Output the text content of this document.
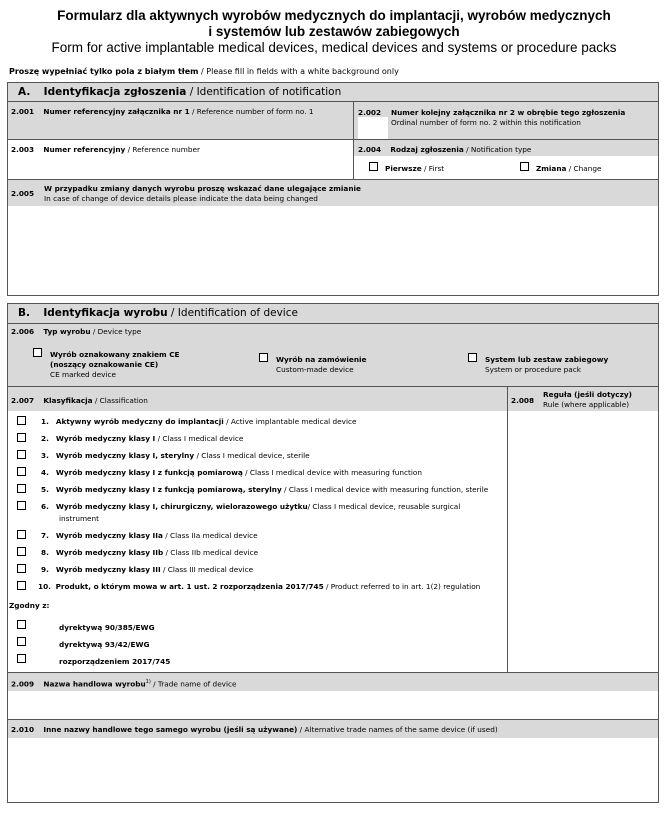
Formularz dla aktywnych wyrobów medycznych do implantacji, wyrobów medycznych
i systemów lub zestawów zabiegowych
Form for active implantable medical devices, medical devices and systems or procedure packs
Proszę wypełniać tylko pola z białym tłem / Please fill in fields with a white background only
A. Identyfikacja zgłoszenia / Identification of notification
2.001 Numer referencyjny załącznika nr 1 / Reference number of form no. 1	2.002 Numer kolejny załącznika nr 2 w obrębie tego zgłoszenia
Ordinal number of form no. 2 within this notification
2.003 Numer referencyjny / Reference number	2.004 Rodzaj zgłoszenia / Notification type
Pierwsze / First	Zmiana / Change
2.005
W przypadku zmiany danych wyrobu proszę wskazać dane ulegające zmianie
In case of change of device details please indicate the data being changed
B. Identyfikacja wyrobu / Identification of device
2.006 Typ wyrobu / Device type
Wyrób oznakowany znakiem CE
(noszący oznakowanie CE)
CE marked device
Wyrób na zamówienie
Custom-made device
System lub zestaw zabiegowy
System or procedure pack
2.007 Klasyfikacja / Classification	2.008
Reguła (jeśli dotyczy)
Rule (where applicable)
1. Aktywny wyrób medyczny do implantacji / Active implantable medical device
2. Wyrób medyczny klasy I / Class I medical device
3. Wyrób medyczny klasy I, sterylny / Class I medical device, sterile
4. Wyrób medyczny klasy I z funkcją pomiarową / Class I medical device with measuring function
5. Wyrób medyczny klasy I z funkcją pomiarową, sterylny / Class I medical device with measuring function, sterile
6. Wyrób medyczny klasy I, chirurgiczny, wielorazowego użytku/ Class I medical device, reusable surgical
instrument
7. Wyrób medyczny klasy IIa / Class IIa medical device
8. Wyrób medyczny klasy IIb / Class IIb medical device
9. Wyrób medyczny klasy III / Class III medical device
10. Produkt, o którym mowa w art. 1 ust. 2 rozporządzenia 2017/745 / Product referred to in art. 1(2) regulation
Zgodny z:
dyrektywą 90/385/EWG
dyrektywą 93/42/EWG
rozporządzeniem 2017/745
2.009 Nazwa handlowa wyrobu$^{1)}$ / Trade name of device
2.010 Inne nazwy handlowe tego samego wyrobu (jeśli są używane) / Alternative trade names of the same device (if used)
